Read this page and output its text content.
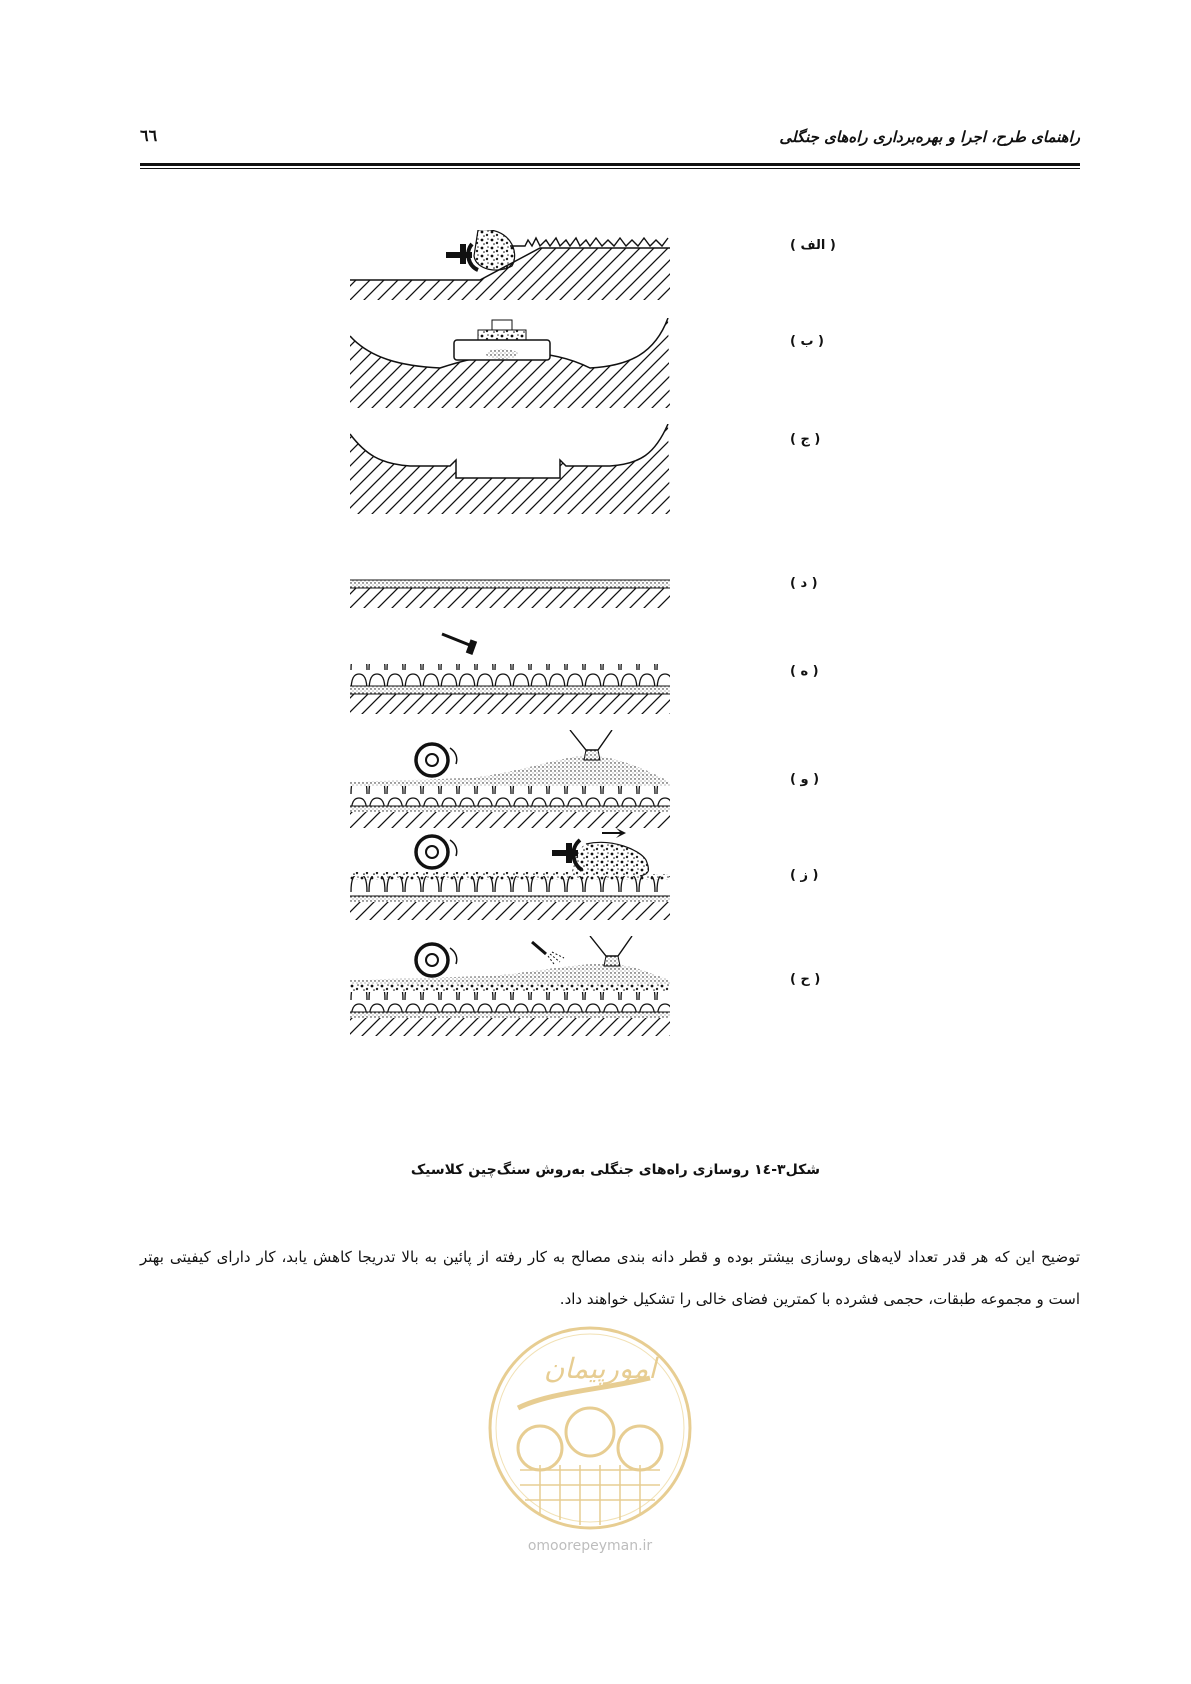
راهنمای طرح، اجرا و بهره‌برداری راه‌های جنگلی
٦٦
( الف )
( ب )
( ج )
( د )
( ه )
( و )
( ز )
( ح )
شکل۳-۱٤ روسازی راه‌های جنگلی به‌روش سنگ‌چین کلاسیک
توضیح این که هر قدر تعداد لایه‌های روسازی بیشتر بوده و قطر دانه بندی مصالح به کار رفته از پائین به بالا تدریجا کاهش یابد، کار دارای کیفیتی بهتر است و مجموعه طبقات، حجمی فشرده با کمترین فضای خالی را تشکیل خواهند داد.
امورپیمان
omoorepeyman.ir
